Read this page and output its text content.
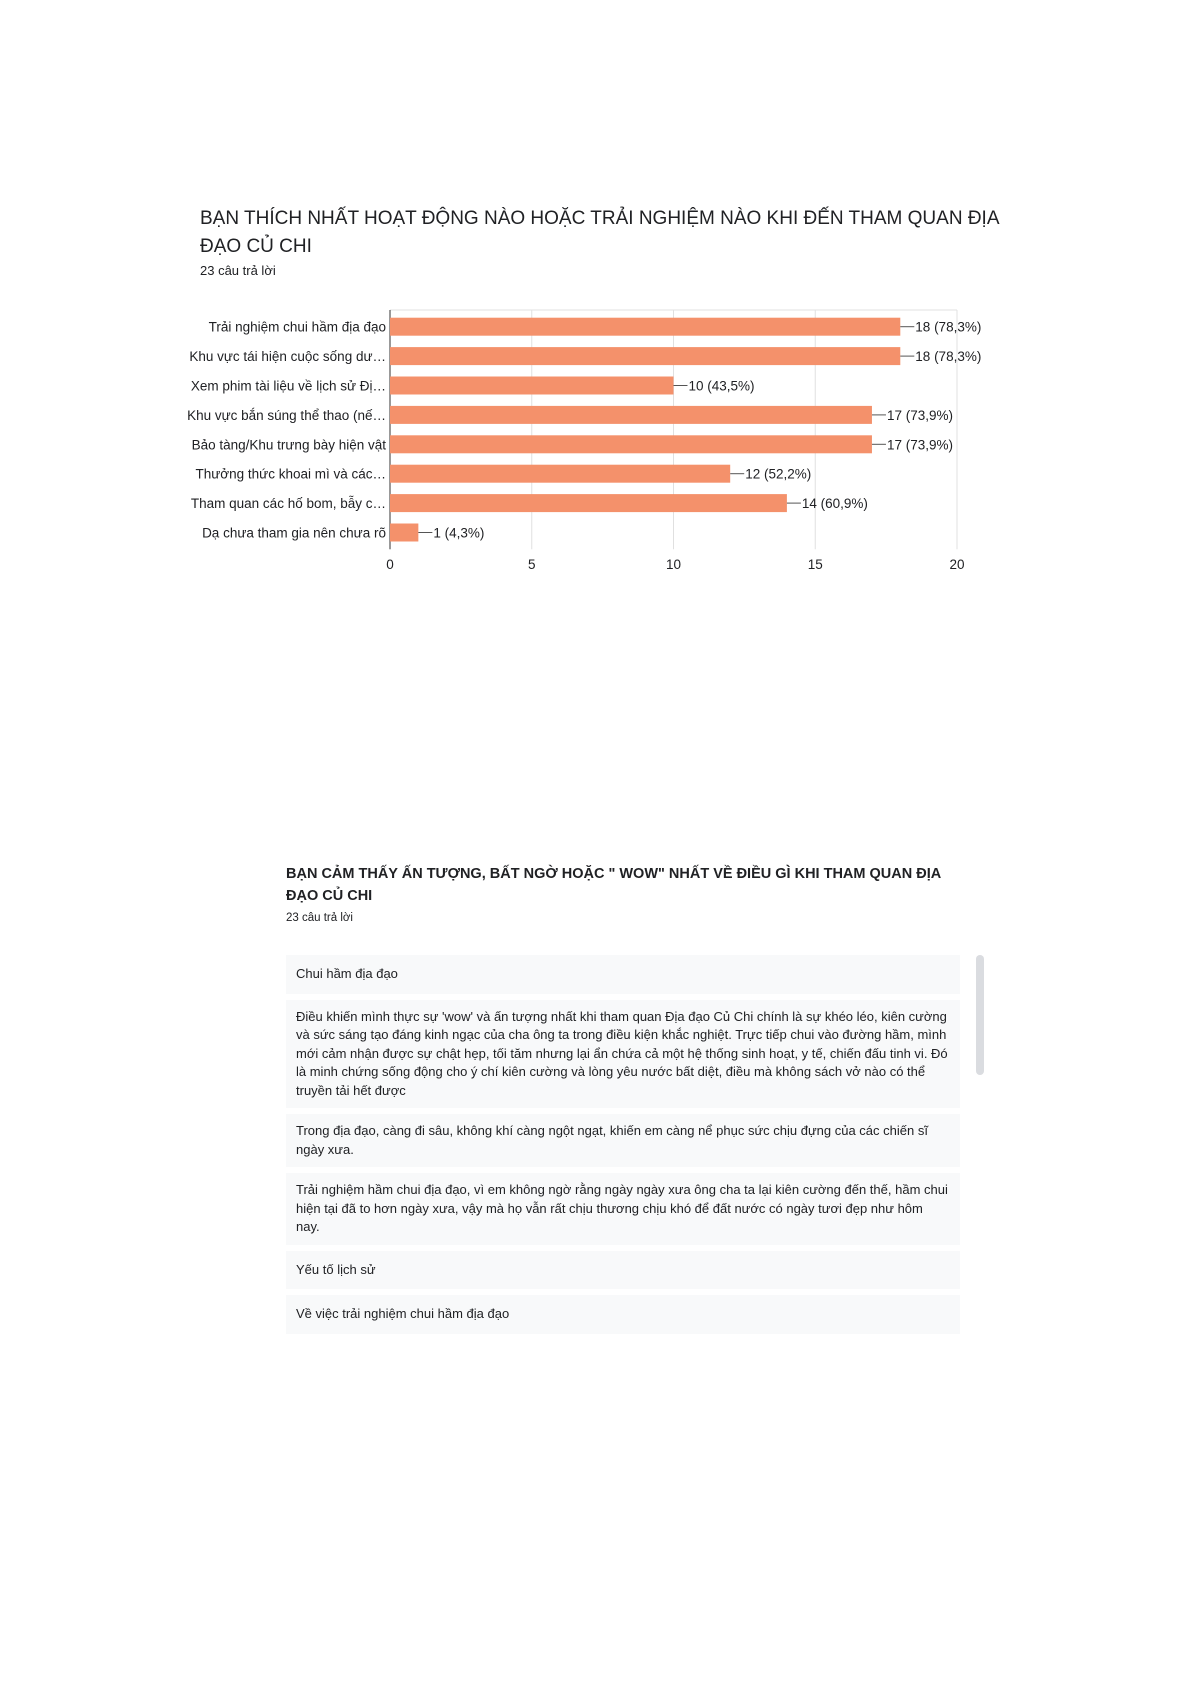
BẠN THÍCH NHẤT HOẠT ĐỘNG NÀO HOẶC TRẢI NGHIỆM NÀO KHI ĐẾN THAM QUAN ĐỊA ĐẠO CỦ CHI
23 câu trả lời
0	5	10	15	20
Trải nghiệm chui hầm địa đạo	18 (78,3%)
Khu vực tái hiện cuộc sống dư…	18 (78,3%)
Xem phim tài liệu về lịch sử Đị…	10 (43,5%)
Khu vực bắn súng thể thao (nế…	17 (73,9%)
Bảo tàng/Khu trưng bày hiện vật	17 (73,9%)
Thưởng thức khoai mì và các…	12 (52,2%)
Tham quan các hố bom, bẫy c…	14 (60,9%)
Dạ chưa tham gia nên chưa rõ	1 (4,3%)
BẠN CẢM THẤY ẤN TƯỢNG, BẤT NGỜ HOẶC " WOW" NHẤT VỀ ĐIỀU GÌ KHI THAM QUAN ĐỊA ĐẠO CỦ CHI
23 câu trả lời
Chui hầm địa đạo
Điều khiến mình thực sự 'wow' và ấn tượng nhất khi tham quan Địa đạo Củ Chi chính là sự khéo léo, kiên cường và sức sáng tạo đáng kinh ngạc của cha ông ta trong điều kiện khắc nghiệt. Trực tiếp chui vào đường hầm, mình mới cảm nhận được sự chật hẹp, tối tăm nhưng lại ẩn chứa cả một hệ thống sinh hoạt, y tế, chiến đấu tinh vi. Đó là minh chứng sống động cho ý chí kiên cường và lòng yêu nước bất diệt, điều mà không sách vở nào có thể truyền tải hết được
Trong địa đạo, càng đi sâu, không khí càng ngột ngạt, khiến em càng nể phục sức chịu đựng của các chiến sĩ ngày xưa.
Trải nghiệm hầm chui địa đạo, vì em không ngờ rằng ngày ngày xưa ông cha ta lại kiên cường đến thế, hầm chui hiện tại đã to hơn ngày xưa, vậy mà họ vẫn rất chịu thương chịu khó để đất nước có ngày tươi đẹp như hôm nay.
Yếu tố lịch sử
Về việc trải nghiệm chui hầm địa đạo
